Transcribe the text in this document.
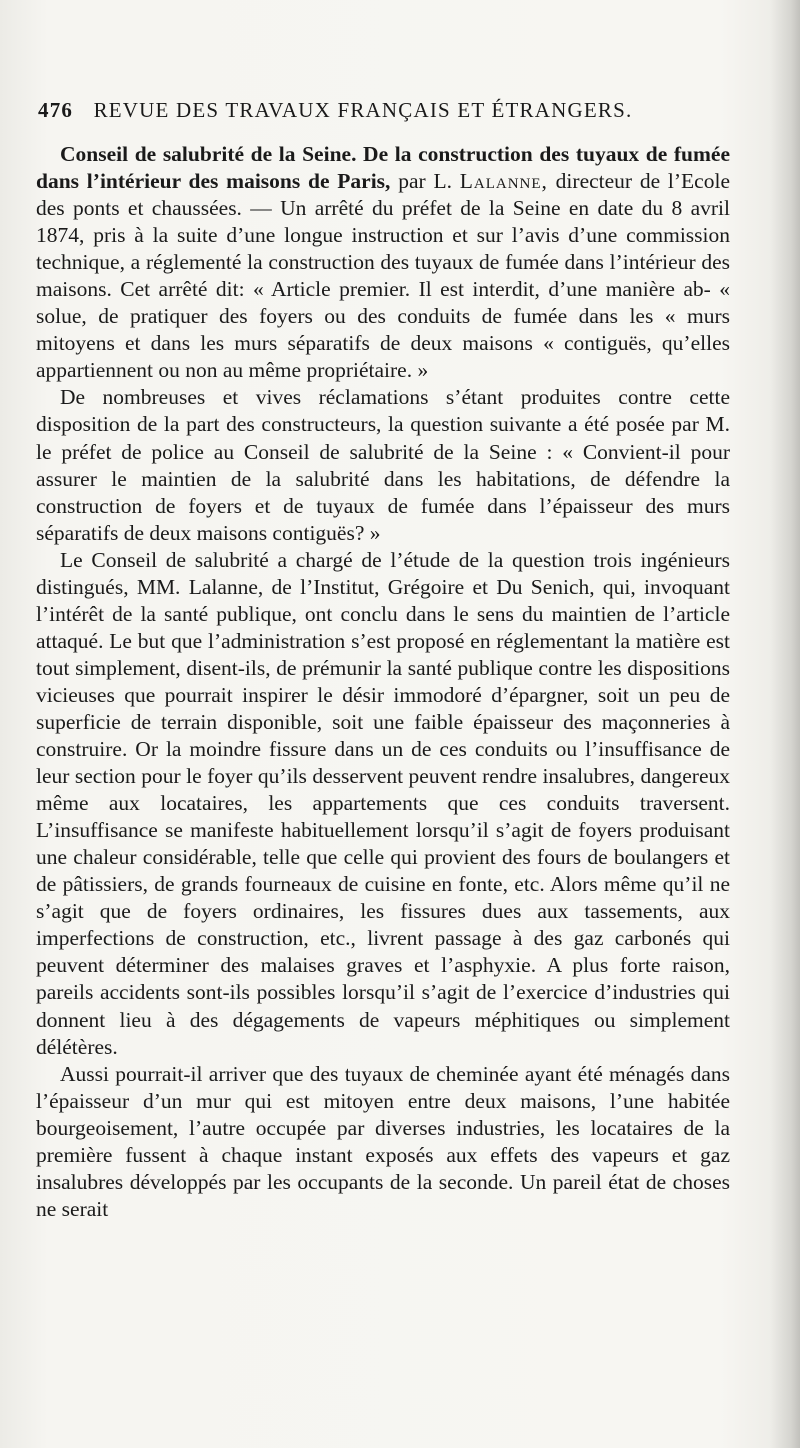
476 REVUE DES TRAVAUX FRANÇAIS ET ÉTRANGERS.

Conseil de salubrité de la Seine. De la construction des tuyaux de fumée dans l’intérieur des maisons de Paris, par L. Lalanne, directeur de l’Ecole des ponts et chaussées. — Un arrêté du préfet de la Seine en date du 8 avril 1874, pris à la suite d’une longue instruction et sur l’avis d’une commission technique, a réglementé la construction des tuyaux de fumée dans l’intérieur des maisons. Cet arrêté dit: « Article premier. Il est interdit, d’une manière ab- « solue, de pratiquer des foyers ou des conduits de fumée dans les « murs mitoyens et dans les murs séparatifs de deux maisons « contiguës, qu’elles appartiennent ou non au même propriétaire. »

De nombreuses et vives réclamations s’étant produites contre cette disposition de la part des constructeurs, la question suivante a été posée par M. le préfet de police au Conseil de salubrité de la Seine : « Convient-il pour assurer le maintien de la salubrité dans les habitations, de défendre la construction de foyers et de tuyaux de fumée dans l’épaisseur des murs séparatifs de deux maisons contiguës? »

Le Conseil de salubrité a chargé de l’étude de la question trois ingénieurs distingués, MM. Lalanne, de l’Institut, Grégoire et Du Senich, qui, invoquant l’intérêt de la santé publique, ont conclu dans le sens du maintien de l’article attaqué. Le but que l’administration s’est proposé en réglementant la matière est tout simplement, disent-ils, de prémunir la santé publique contre les dispositions vicieuses que pourrait inspirer le désir immodoré d’épargner, soit un peu de superficie de terrain disponible, soit une faible épaisseur des maçonneries à construire. Or la moindre fissure dans un de ces conduits ou l’insuffisance de leur section pour le foyer qu’ils desservent peuvent rendre insalubres, dangereux même aux locataires, les appartements que ces conduits traversent. L’insuffisance se manifeste habituellement lorsqu’il s’agit de foyers produisant une chaleur considérable, telle que celle qui provient des fours de boulangers et de pâtissiers, de grands fourneaux de cuisine en fonte, etc. Alors même qu’il ne s’agit que de foyers ordinaires, les fissures dues aux tassements, aux imperfections de construction, etc., livrent passage à des gaz carbonés qui peuvent déterminer des malaises graves et l’asphyxie. A plus forte raison, pareils accidents sont-ils possibles lorsqu’il s’agit de l’exercice d’industries qui donnent lieu à des dégagements de vapeurs méphitiques ou simplement délétères.

Aussi pourrait-il arriver que des tuyaux de cheminée ayant été ménagés dans l’épaisseur d’un mur qui est mitoyen entre deux maisons, l’une habitée bourgeoisement, l’autre occupée par diverses industries, les locataires de la première fussent à chaque instant exposés aux effets des vapeurs et gaz insalubres développés par les occupants de la seconde. Un pareil état de choses ne serait
